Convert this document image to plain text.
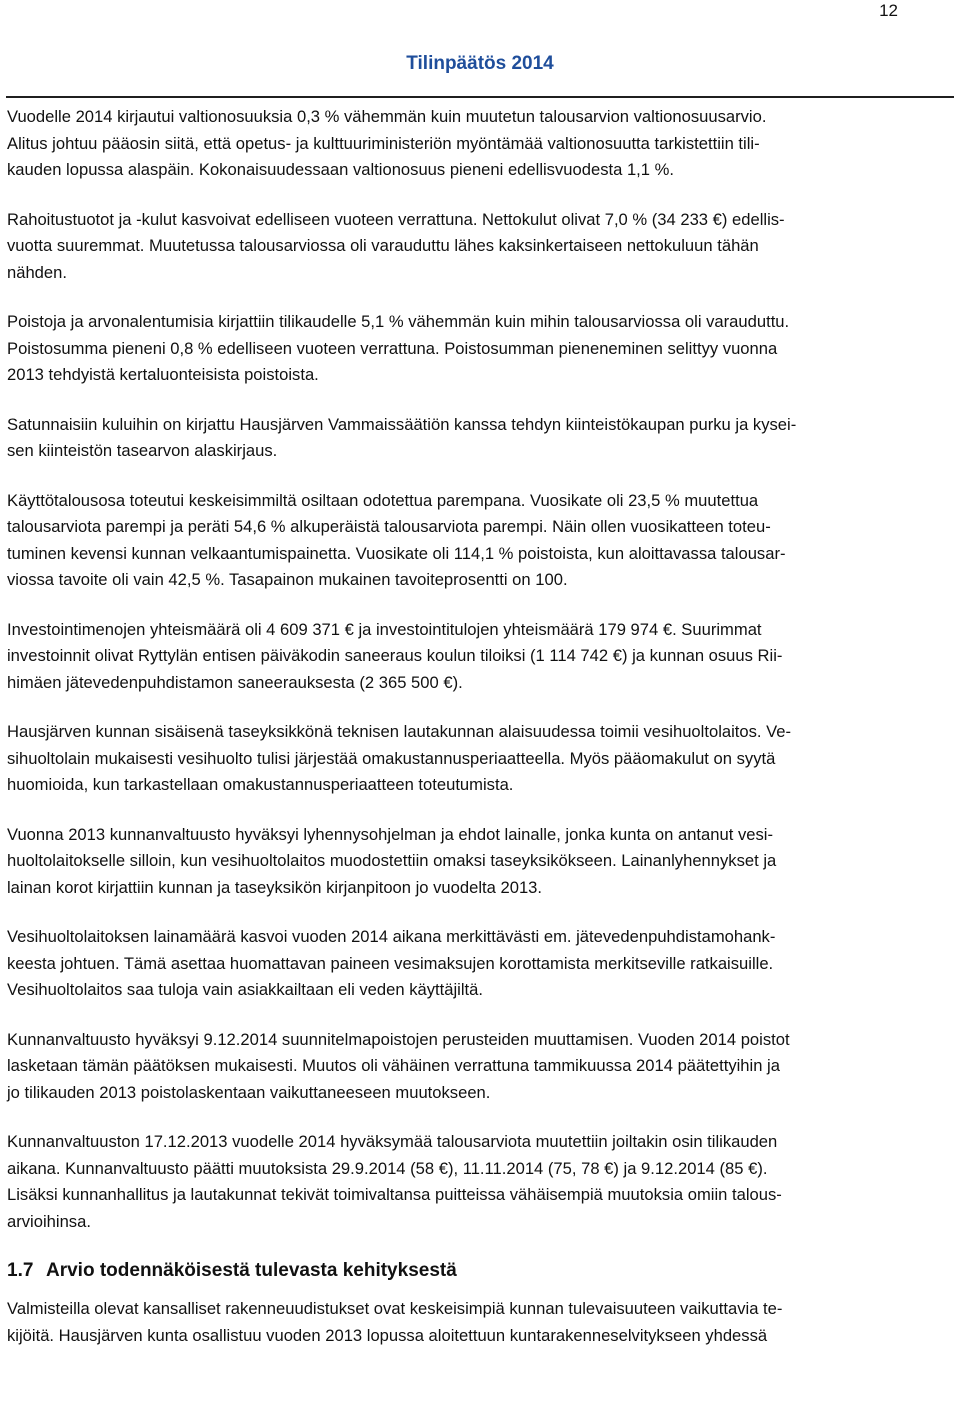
12
Tilinpäätös 2014
Vuodelle 2014 kirjautui valtionosuuksia 0,3 % vähemmän kuin muutetun talousarvion valtionosuusarvio.
Alitus johtuu pääosin siitä, että opetus- ja kulttuuriministeriön myöntämää valtionosuutta tarkistettiin tili-
kauden lopussa alaspäin. Kokonaisuudessaan valtionosuus pieneni edellisvuodesta 1,1 %.
Rahoitustuotot ja -kulut kasvoivat edelliseen vuoteen verrattuna. Nettokulut olivat 7,0 % (34 233 €) edellis-
vuotta suuremmat. Muutetussa talousarviossa oli varauduttu lähes kaksinkertaiseen nettokuluun tähän
nähden.
Poistoja ja arvonalentumisia kirjattiin tilikaudelle 5,1 % vähemmän kuin mihin talousarviossa oli varauduttu.
Poistosumma pieneni 0,8 % edelliseen vuoteen verrattuna. Poistosumman pieneneminen selittyy vuonna
2013 tehdyistä kertaluonteisista poistoista.
Satunnaisiin kuluihin on kirjattu Hausjärven Vammaissäätiön kanssa tehdyn kiinteistökaupan purku ja kysei-
sen kiinteistön tasearvon alaskirjaus.
Käyttötalousosa toteutui keskeisimmiltä osiltaan odotettua parempana. Vuosikate oli 23,5 % muutettua
talousarviota parempi ja peräti 54,6 % alkuperäistä talousarviota parempi. Näin ollen vuosikatteen toteu-
tuminen kevensi kunnan velkaantumispainetta. Vuosikate oli 114,1 % poistoista, kun aloittavassa talousar-
viossa tavoite oli vain 42,5 %. Tasapainon mukainen tavoiteprosentti on 100.
Investointimenojen yhteismäärä oli 4 609 371 € ja investointitulojen yhteismäärä 179 974 €. Suurimmat
investoinnit olivat Ryttylän entisen päiväkodin saneeraus koulun tiloiksi (1 114 742 €) ja kunnan osuus Rii-
himäen jätevedenpuhdistamon saneerauksesta (2 365 500 €).
Hausjärven kunnan sisäisenä taseyksikkönä teknisen lautakunnan alaisuudessa toimii vesihuoltolaitos. Ve-
sihuoltolain mukaisesti vesihuolto tulisi järjestää omakustannusperiaatteella. Myös pääomakulut on syytä
huomioida, kun tarkastellaan omakustannusperiaatteen toteutumista.
Vuonna 2013 kunnanvaltuusto hyväksyi lyhennysohjelman ja ehdot lainalle, jonka kunta on antanut vesi-
huoltolaitokselle silloin, kun vesihuoltolaitos muodostettiin omaksi taseyksikökseen. Lainanlyhennykset ja
lainan korot kirjattiin kunnan ja taseyksikön kirjanpitoon jo vuodelta 2013.
Vesihuoltolaitoksen lainamäärä kasvoi vuoden 2014 aikana merkittävästi em. jätevedenpuhdistamohank-
keesta johtuen. Tämä asettaa huomattavan paineen vesimaksujen korottamista merkitseville ratkaisuille.
Vesihuoltolaitos saa tuloja vain asiakkailtaan eli veden käyttäjiltä.
Kunnanvaltuusto hyväksyi 9.12.2014 suunnitelmapoistojen perusteiden muuttamisen. Vuoden 2014 poistot
lasketaan tämän päätöksen mukaisesti. Muutos oli vähäinen verrattuna tammikuussa 2014 päätettyihin ja
jo tilikauden 2013 poistolaskentaan vaikuttaneeseen muutokseen.
Kunnanvaltuuston 17.12.2013 vuodelle 2014 hyväksymää talousarviota muutettiin joiltakin osin tilikauden
aikana. Kunnanvaltuusto päätti muutoksista 29.9.2014 (58 €), 11.11.2014 (75, 78 €) ja 9.12.2014 (85 €).
Lisäksi kunnanhallitus ja lautakunnat tekivät toimivaltansa puitteissa vähäisempiä muutoksia omiin talous-
arvioihinsa.
1.7 Arvio todennäköisestä tulevasta kehityksestä
Valmisteilla olevat kansalliset rakenneuudistukset ovat keskeisimpiä kunnan tulevaisuuteen vaikuttavia te-
kijöitä. Hausjärven kunta osallistuu vuoden 2013 lopussa aloitettuun kuntarakenneselvitykseen yhdessä
